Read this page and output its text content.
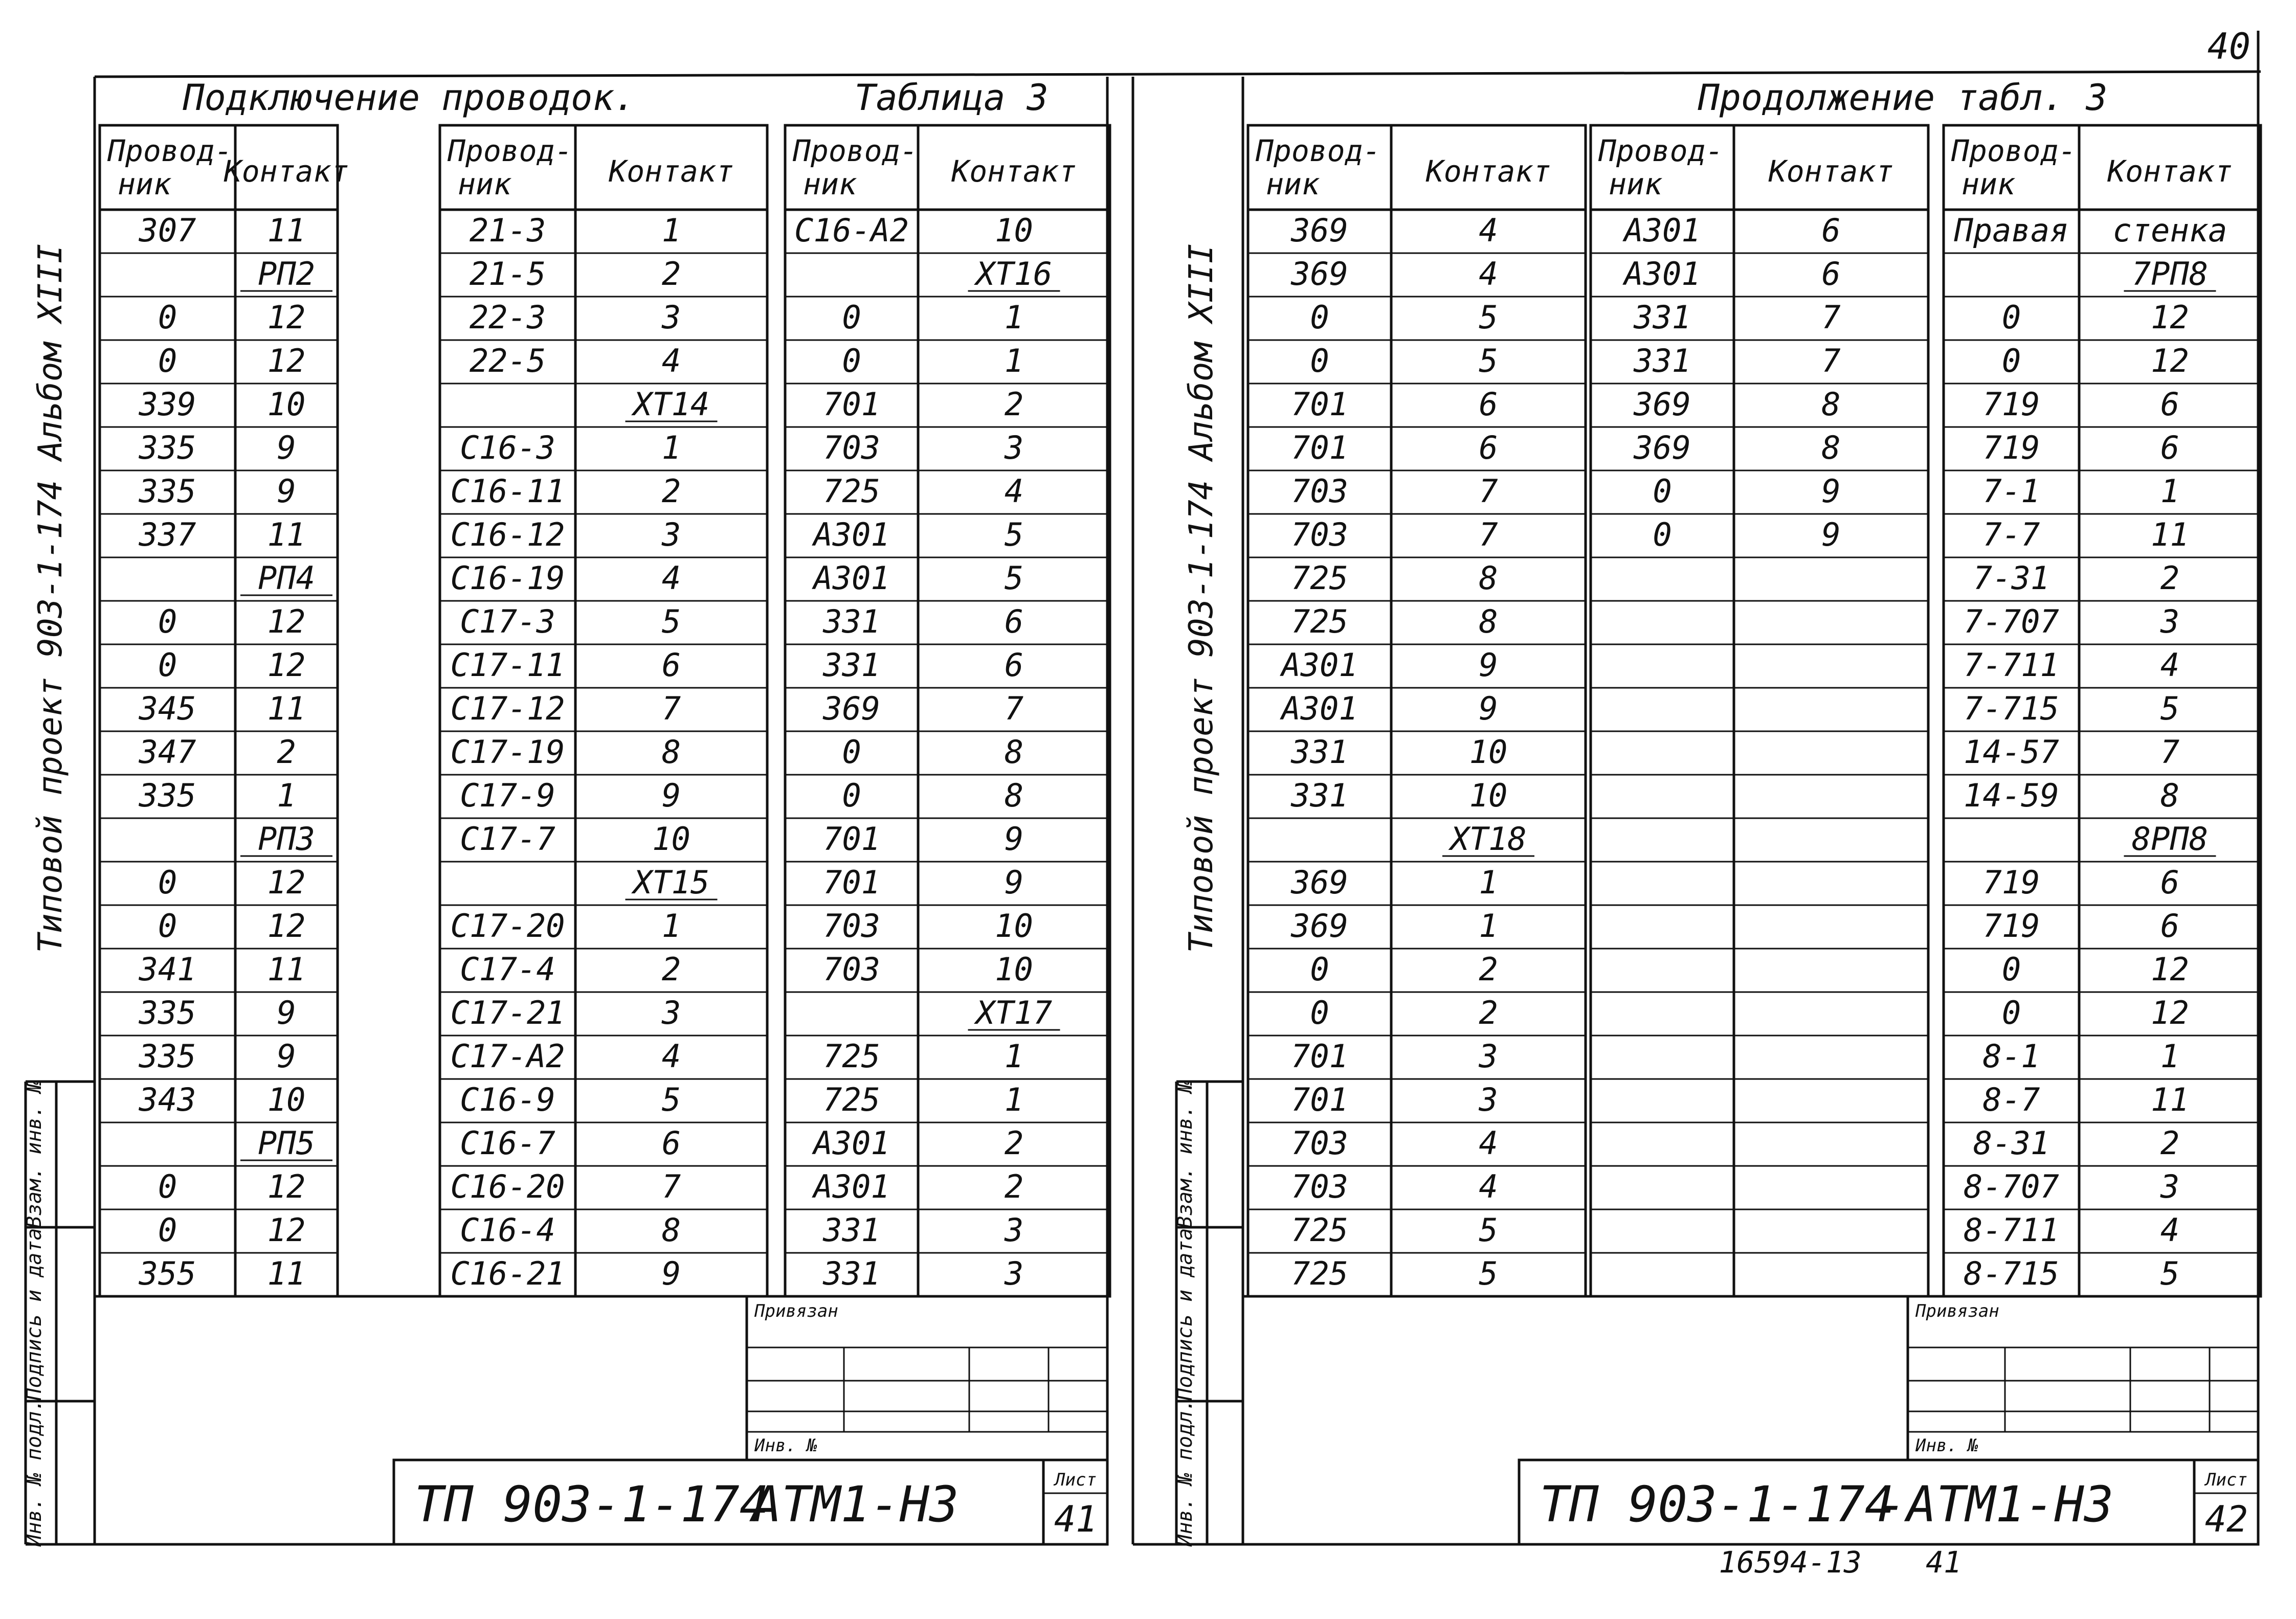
Подключение проводок.	Таблица 3
Провод-
ник Контакт
307 11
РП2
0	12
0	12
339 10
335	9
335	9
337 11
РП4
0	12
0	12
345 11
347	2
335	1
РП3
0	12
0	12
341 11
335	9
335	9
343 10
РП5
0	12
0	12
355 11
Провод-
ник	Контакт
21-3	1
21-5	2
22-3	3
22-5	4
ХТ14
С16-3	1
С16-11	2
С16-12	3
С16-19	4
С17-3	5
С17-11	6
С17-12	7
С17-19	8
С17-9	9
С17-7	10
ХТ15
С17-20	1
С17-4	2
С17-21	3
С17-А2	4
С16-9	5
С16-7	6
С16-20	7
С16-4	8
С16-21	9
Провод-
ник	Контакт
С16-А2	10
ХТ16
0	1
0	1
701	2
703	3
725	4
А301	5
А301	5
331	6
331	6
369	7
0	8
0	8
701	9
701	9
703	10
703	10
ХТ17
725	1
725	1
А301	2
А301	2
331	3
331	3
Типовой проект 903-1-174 Альбом XIII
Взам. инв. №
Подпись и дата
Инв. № подл.
Привязан
Инв. №
ТП 903-1-174
АТМ1-Н3	Лист
41
Продолжение табл. 3
Провод-
ник	Контакт
369	4
369	4
0	5
0	5
701	6
701	6
703	7
703	7
725	8
725	8
А301	9
А301	9
331	10
331	10
ХТ18
369	1
369	1
0	2
0	2
701	3
701	3
703	4
703	4
725	5
725	5
Провод-
ник	Контакт
А301	6
А301	6
331	7
331	7
369	8
369	8
0	9
0	9
Провод-
ник	Контакт
Правая стенка
7РП8
0	12
0	12
719	6
719	6
7-1	1
7-7	11
7-31	2
7-707	3
7-711	4
7-715	5
14-57	7
14-59	8
8РП8
719	6
719	6
0	12
0	12
8-1	1
8-7	11
8-31	2
8-707	3
8-711	4
8-715	5
Типовой проект 903-1-174 Альбом XIII
Взам. инв. №
Подпись и дата
Инв. № подл.
Привязан
Инв. №
ТП 903-1-174
-АТМ1-Н3	Лист
42
40
16594-13 41
